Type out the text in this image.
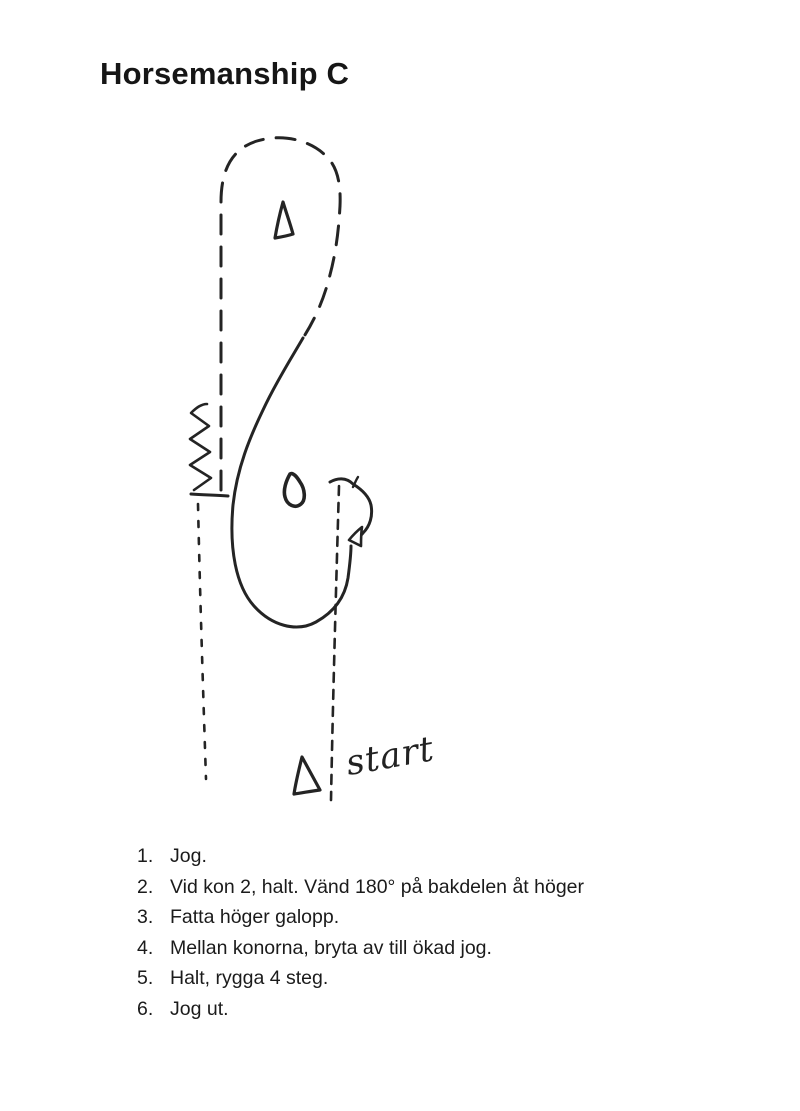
Horsemanship C
start
1. Jog.
2. Vid kon 2, halt. Vänd 180° på bakdelen åt höger
3. Fatta höger galopp.
4. Mellan konorna, bryta av till ökad jog.
5. Halt, rygga 4 steg.
6. Jog ut.
